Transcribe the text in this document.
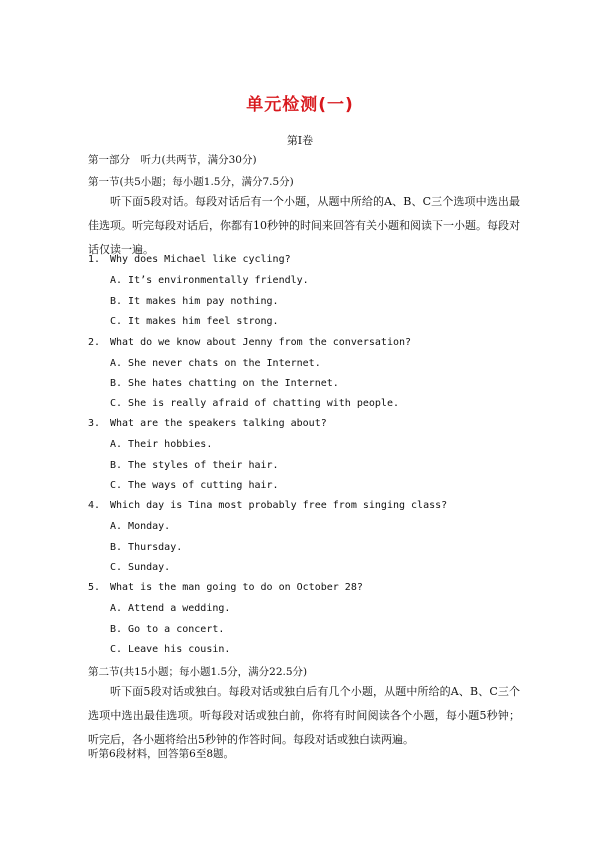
单元检测(一)
第Ⅰ卷
第一部分　听力(共两节，满分30分)
第一节(共5小题；每小题1.5分，满分7.5分)
听下面5段对话。每段对话后有一个小题，从题中所给的A、B、C三个选项中选出最佳选项。听完每段对话后，你都有10秒钟的时间来回答有关小题和阅读下一小题。每段对话仅读一遍。
1. Why does Michael like cycling?
A. It’s environmentally friendly.
B. It makes him pay nothing.
C. It makes him feel strong.
2. What do we know about Jenny from the conversation?
A. She never chats on the Internet.
B. She hates chatting on the Internet.
C. She is really afraid of chatting with people.
3. What are the speakers talking about?
A. Their hobbies.
B. The styles of their hair.
C. The ways of cutting hair.
4. Which day is Tina most probably free from singing class?
A. Monday.
B. Thursday.
C. Sunday.
5. What is the man going to do on October 28?
A. Attend a wedding.
B. Go to a concert.
C. Leave his cousin.
第二节(共15小题；每小题1.5分，满分22.5分)
听下面5段对话或独白。每段对话或独白后有几个小题，从题中所给的A、B、C三个选项中选出最佳选项。听每段对话或独白前，你将有时间阅读各个小题，每小题5秒钟；听完后，各小题将给出5秒钟的作答时间。每段对话或独白读两遍。
听第6段材料，回答第6至8题。
